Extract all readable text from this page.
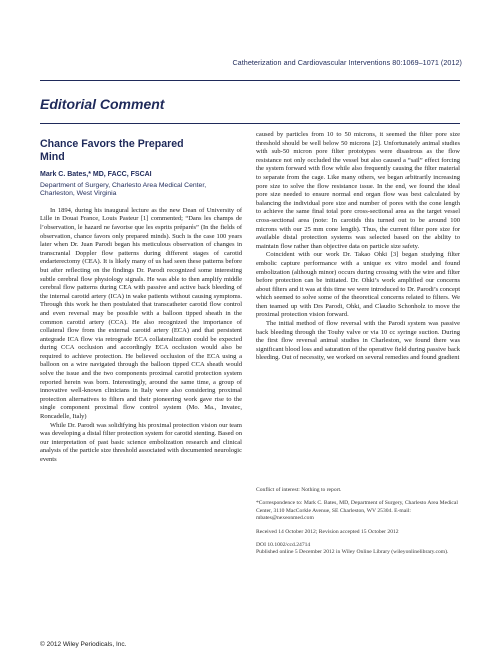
Catheterization and Cardiovascular Interventions 80:1069–1071 (2012)
Editorial Comment
Chance Favors the Prepared Mind
Mark C. Bates,* MD, FACC, FSCAI
Department of Surgery, Charlesto Area Medical Center, Charleston, West Virginia

In 1894, during his inaugural lecture as the new Dean of University of Lille in Douai France, Louis Pasteur [1] commented; “Dans les champs de l’observation, le hazard ne favorise que les esprits préparés” (In the fields of observation, chance favors only prepared minds). Such is the case 100 years later when Dr. Juan Parodi began his meticulous observation of changes in transcranial Doppler flow patterns during different stages of carotid endarterectomy (CEA). It is likely many of us had seen these patterns before but after reflecting on the findings Dr. Parodi recognized some interesting subtle cerebral flow physiology signals. He was able to then amplify middle cerebral flow patterns during CEA with passive and active back bleeding of the internal carotid artery (ICA) in wake patients without causing symptoms. Through this work he then postulated that transcatheter carotid flow control and even reversal may be possible with a balloon tipped sheath in the common carotid artery (CCA). He also recognized the importance of collateral flow from the external carotid artery (ECA) and that persistent antegrade ICA flow via retrograde ECA collateralization could be expected during CCA occlusion and accordingly ECA occlusion would also be required to achieve protection. He believed occlusion of the ECA using a balloon on a wire navigated through the balloon tipped CCA sheath would solve the issue and the two components proximal carotid protection system reported herein was born. Interestingly, around the same time, a group of innovative well-known clinicians in Italy were also considering proximal protection alternatives to filters and their pioneering work gave rise to the single component proximal flow control system (Mo. Ma., Invatec, Roncadelle, Italy)

While Dr. Parodi was solidifying his proximal protection vision our team was developing a distal filter protection system for carotid stenting. Based on our interpretation of past basic science embolization research and clinical analysis of the particle size threshold associated with documented neurologic events

caused by particles from 10 to 50 microns, it seemed the filter pore size threshold should be well below 50 microns [2]. Unfortunately animal studies with sub-50 micron pore filter prototypes were disastrous as the flow resistance not only occluded the vessel but also caused a “sail” effect forcing the system forward with flow while also frequently causing the filter material to separate from the cage. Like many others, we began arbitrarily increasing pore size to solve the flow resistance issue. In the end, we found the ideal pore size needed to ensure normal end organ flow was best calculated by balancing the individual pore size and number of pores with the cone length to achieve the same final total pore cross-sectional area as the target vessel cross-sectional area (note: In carotids this turned out to be around 100 microns with our 25 mm cone length). Thus, the current filter pore size for available distal protection systems was selected based on the ability to maintain flow rather than objective data on particle size safety.

Coincident with our work Dr. Takao Ohki [3] began studying filter embolic capture performance with a unique ex vitro model and found embolization (although minor) occurs during crossing with the wire and filter before protection can be initiated. Dr. Ohki’s work amplified our concerns about filters and it was at this time we were introduced to Dr. Parodi’s concept which seemed to solve some of the theoretical concerns related to filters. We then teamed up with Drs Parodi, Ohki, and Claudio Schonholz to move the proximal protection vision forward.

The initial method of flow reversal with the Parodi system was passive back bleeding through the Touhy valve or via 10 cc syringe suction. During the first flow reversal animal studies in Charleston, we found there was significant blood loss and saturation of the operative field during passive back bleeding. Out of necessity, we worked on several remedies and found gradient

Conflict of interest: Nothing to report.
*Correspondence to: Mark C. Bates, MD, Department of Surgery, Charlesto Area Medical Center, 3110 MacCorkle Avenue, SE Charleston, WV 25304. E-mail: mbates@nexeonmed.com
Received 14 October 2012; Revision accepted 15 October 2012
DOI 10.1002/ccd.24714
Published online 5 December 2012 in Wiley Online Library (wileyonlinelibrary.com).
© 2012 Wiley Periodicals, Inc.
